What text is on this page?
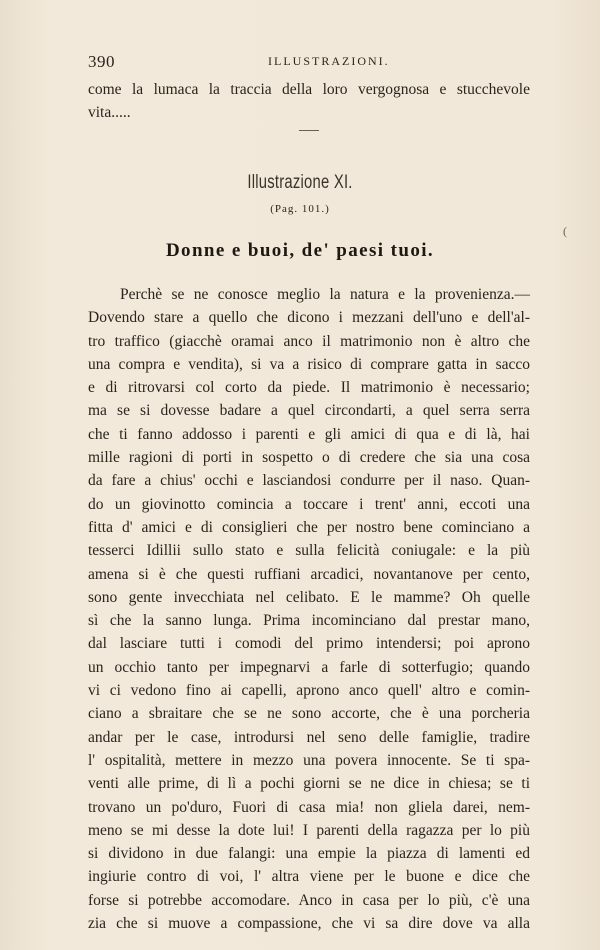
390	ILLUSTRAZIONI.

come la lumaca la traccia della loro vergognosa e stucchevole
vita.....

Illustrazione XI.
(Pag. 101.)
(
Donne e buoi, de' paesi tuoi.
Perchè se ne conosce meglio la natura e la provenienza.—
Dovendo stare a quello che dicono i mezzani dell'uno e dell'al-
tro traffico (giacchè oramai anco il matrimonio non è altro che
una compra e vendita), si va a risico di comprare gatta in sacco
e di ritrovarsi col corto da piede. Il matrimonio è necessario;
ma se si dovesse badare a quel circondarti, a quel serra serra
che ti fanno addosso i parenti e gli amici di qua e di là, hai
mille ragioni di porti in sospetto o di credere che sia una cosa
da fare a chius' occhi e lasciandosi condurre per il naso. Quan-
do un giovinotto comincia a toccare i trent' anni, eccoti una
fitta d' amici e di consiglieri che per nostro bene cominciano a
tesserci Idillii sullo stato e sulla felicità coniugale: e la più
amena si è che questi ruffiani arcadici, novantanove per cento,
sono gente invecchiata nel celibato. E le mamme? Oh quelle
sì che la sanno lunga. Prima incominciano dal prestar mano,
dal lasciare tutti i comodi del primo intendersi; poi aprono
un occhio tanto per impegnarvi a farle di sotterfugio; quando
vi ci vedono fino ai capelli, aprono anco quell' altro e comin-
ciano a sbraitare che se ne sono accorte, che è una porcheria
andar per le case, introdursi nel seno delle famiglie, tradire
l' ospitalità, mettere in mezzo una povera innocente. Se ti spa-
venti alle prime, di lì a pochi giorni se ne dice in chiesa; se ti
trovano un po'duro, Fuori di casa mia! non gliela darei, nem-
meno se mi desse la dote lui! I parenti della ragazza per lo più
si dividono in due falangi: una empie la piazza di lamenti ed
ingiurie contro di voi, l' altra viene per le buone e dice che
forse si potrebbe accomodare. Anco in casa per lo più, c'è una
zia che si muove a compassione, che vi sa dire dove va alla
